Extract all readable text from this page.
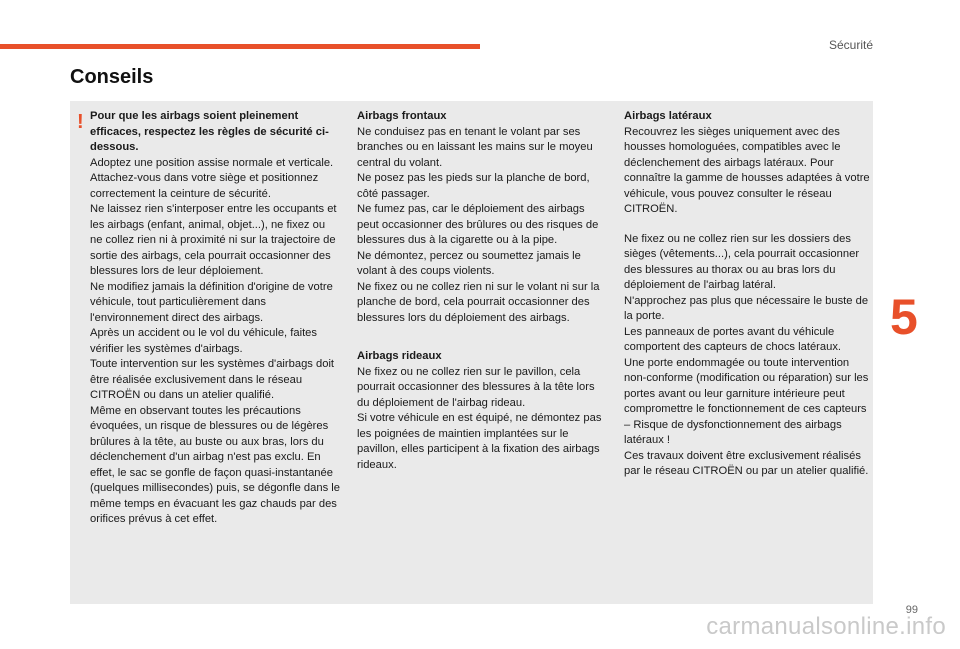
Sécurité
Conseils
! Pour que les airbags soient pleinement efficaces, respectez les règles de sécurité ci-dessous.

Adoptez une position assise normale et verticale.
Attachez-vous dans votre siège et positionnez correctement la ceinture de sécurité.
Ne laissez rien s'interposer entre les occupants et les airbags (enfant, animal, objet...), ne fixez ou ne collez rien ni à proximité ni sur la trajectoire de sortie des airbags, cela pourrait occasionner des blessures lors de leur déploiement.
Ne modifiez jamais la définition d'origine de votre véhicule, tout particulièrement dans l'environnement direct des airbags.
Après un accident ou le vol du véhicule, faites vérifier les systèmes d'airbags.
Toute intervention sur les systèmes d'airbags doit être réalisée exclusivement dans le réseau CITROËN ou dans un atelier qualifié.
Même en observant toutes les précautions évoquées, un risque de blessures ou de légères brûlures à la tête, au buste ou aux bras, lors du déclenchement d'un airbag n'est pas exclu. En effet, le sac se gonfle de façon quasi-instantanée (quelques millisecondes) puis, se dégonfle dans le même temps en évacuant les gaz chauds par des orifices prévus à cet effet.

Airbags frontaux

Ne conduisez pas en tenant le volant par ses branches ou en laissant les mains sur le moyeu central du volant.
Ne posez pas les pieds sur la planche de bord, côté passager.
Ne fumez pas, car le déploiement des airbags peut occasionner des brûlures ou des risques de blessures dus à la cigarette ou à la pipe.
Ne démontez, percez ou soumettez jamais le volant à des coups violents.
Ne fixez ou ne collez rien ni sur le volant ni sur la planche de bord, cela pourrait occasionner des blessures lors du déploiement des airbags.

Airbags rideaux

Ne fixez ou ne collez rien sur le pavillon, cela pourrait occasionner des blessures à la tête lors du déploiement de l'airbag rideau.
Si votre véhicule en est équipé, ne démontez pas les poignées de maintien implantées sur le pavillon, elles participent à la fixation des airbags rideaux.

Airbags latéraux

Recouvrez les sièges uniquement avec des housses homologuées, compatibles avec le déclenchement des airbags latéraux. Pour connaître la gamme de housses adaptées à votre véhicule, vous pouvez consulter le réseau CITROËN.

Ne fixez ou ne collez rien sur les dossiers des sièges (vêtements...), cela pourrait occasionner des blessures au thorax ou au bras lors du déploiement de l'airbag latéral.
N'approchez pas plus que nécessaire le buste de la porte.
Les panneaux de portes avant du véhicule comportent des capteurs de chocs latéraux.
Une porte endommagée ou toute intervention non-conforme (modification ou réparation) sur les portes avant ou leur garniture intérieure peut compromettre le fonctionnement de ces capteurs – Risque de dysfonctionnement des airbags latéraux !
Ces travaux doivent être exclusivement réalisés par le réseau CITROËN ou par un atelier qualifié.

5
99
carmanualsonline.info
